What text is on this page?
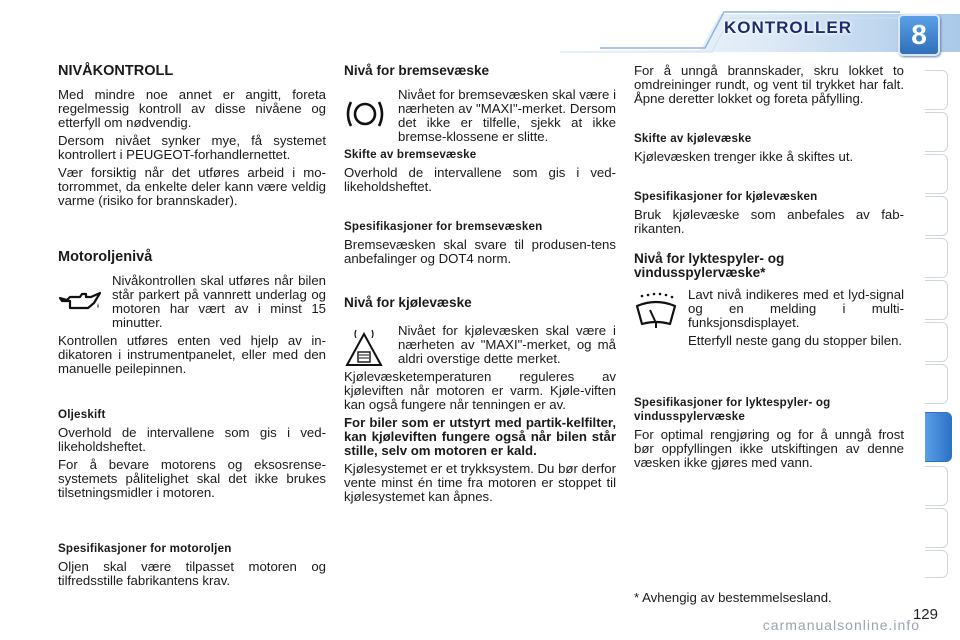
KONTROLLER	8
NIVÅKONTROLL

Med mindre noe annet er angitt, foreta regelmessig kontroll av disse nivåene og etterfyll om nødvendig.

Dersom nivået synker mye, få systemet kontrollert i PEUGEOT-forhandlernettet.

Vær forsiktig når det utføres arbeid i mo-torrommet, da enkelte deler kann være veldig varme (risiko for brannskader).

Motoroljenivå

Nivåkontrollen skal utføres når bilen står parkert på vannrett underlag og motoren har vært av i minst 15 minutter.

Kontrollen utføres enten ved hjelp av in-dikatoren i instrumentpanelet, eller med den manuelle peilepinnen.

Oljeskift

Overhold de intervallene som gis i ved-likeholdsheftet.

For å bevare motorens og eksosrense-systemets pålitelighet skal det ikke brukes tilsetningsmidler i motoren.

Spesifikasjoner for motoroljen

Oljen skal være tilpasset motoren og tilfredsstille fabrikantens krav.

Nivå for bremsevæske

Nivået for bremsevæsken skal være i nærheten av "MAXI"-merket. Dersom det ikke er tilfelle, sjekk at ikke bremse-klossene er slitte.

Skifte av bremsevæske

Overhold de intervallene som gis i ved-likeholdsheftet.

Spesifikasjoner for bremsevæsken

Bremsevæsken skal svare til produsen-tens anbefalinger og DOT4 norm.

Nivå for kjølevæske

Nivået for kjølevæsken skal være i nærheten av "MAXI"-merket, og må aldri overstige dette merket.

Kjølevæsketemperaturen reguleres av kjøleviften når motoren er varm. Kjøle-viften kan også fungere når tenningen er av.

For biler som er utstyrt med partik-kelfilter, kan kjøleviften fungere også når bilen står stille, selv om motoren er kald.

Kjølesystemet er et trykksystem. Du bør derfor vente minst én time fra motoren er stoppet til kjølesystemet kan åpnes.

For å unngå brannskader, skru lokket to omdreininger rundt, og vent til trykket har falt. Åpne deretter lokket og foreta påfylling.

Skifte av kjølevæske

Kjølevæsken trenger ikke å skiftes ut.

Spesifikasjoner for kjølevæsken

Bruk kjølevæske som anbefales av fab-rikanten.

Nivå for lyktespyler- og vindusspylervæske*

Lavt nivå indikeres med et lyd-signal og en melding i multi-funksjonsdisplayet.

Etterfyll neste gang du stopper bilen.

Spesifikasjoner for lyktespyler- og vindusspylervæske

For optimal rengjøring og for å unngå frost bør oppfyllingen ikke utskiftingen av denne væsken ikke gjøres med vann.

* Avhengig av bestemmelsesland.
129
carmanualsonline.info
